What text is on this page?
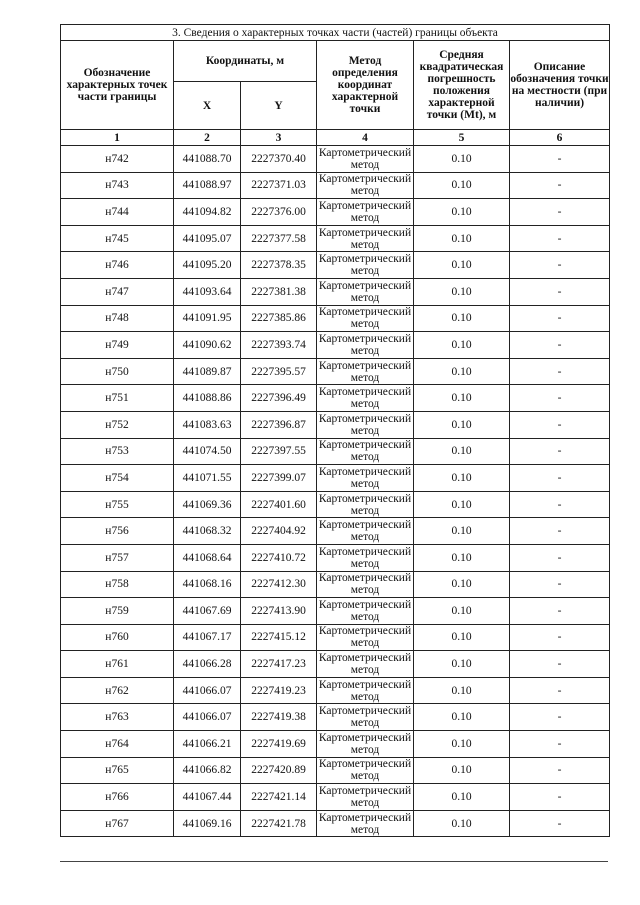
3. Сведения о характерных точках части (частей) границы объекта					
Обозначение характерных точек части границы	Координаты, м		Метод определения координат характерной точки	Средняя квадратическая погрешность положения характерной точки (Mt), м	Описание обозначения точки на местности (при наличии)
	X	Y			
1	2	3	4	5	6
н742	441088.70	2227370.40	Картометрический метод	0.10	-
н743	441088.97	2227371.03	Картометрический метод	0.10	-
н744	441094.82	2227376.00	Картометрический метод	0.10	-
н745	441095.07	2227377.58	Картометрический метод	0.10	-
н746	441095.20	2227378.35	Картометрический метод	0.10	-
н747	441093.64	2227381.38	Картометрический метод	0.10	-
н748	441091.95	2227385.86	Картометрический метод	0.10	-
н749	441090.62	2227393.74	Картометрический метод	0.10	-
н750	441089.87	2227395.57	Картометрический метод	0.10	-
н751	441088.86	2227396.49	Картометрический метод	0.10	-
н752	441083.63	2227396.87	Картометрический метод	0.10	-
н753	441074.50	2227397.55	Картометрический метод	0.10	-
н754	441071.55	2227399.07	Картометрический метод	0.10	-
н755	441069.36	2227401.60	Картометрический метод	0.10	-
н756	441068.32	2227404.92	Картометрический метод	0.10	-
н757	441068.64	2227410.72	Картометрический метод	0.10	-
н758	441068.16	2227412.30	Картометрический метод	0.10	-
н759	441067.69	2227413.90	Картометрический метод	0.10	-
н760	441067.17	2227415.12	Картометрический метод	0.10	-
н761	441066.28	2227417.23	Картометрический метод	0.10	-
н762	441066.07	2227419.23	Картометрический метод	0.10	-
н763	441066.07	2227419.38	Картометрический метод	0.10	-
н764	441066.21	2227419.69	Картометрический метод	0.10	-
н765	441066.82	2227420.89	Картометрический метод	0.10	-
н766	441067.44	2227421.14	Картометрический метод	0.10	-
н767	441069.16	2227421.78	Картометрический метод	0.10	-
